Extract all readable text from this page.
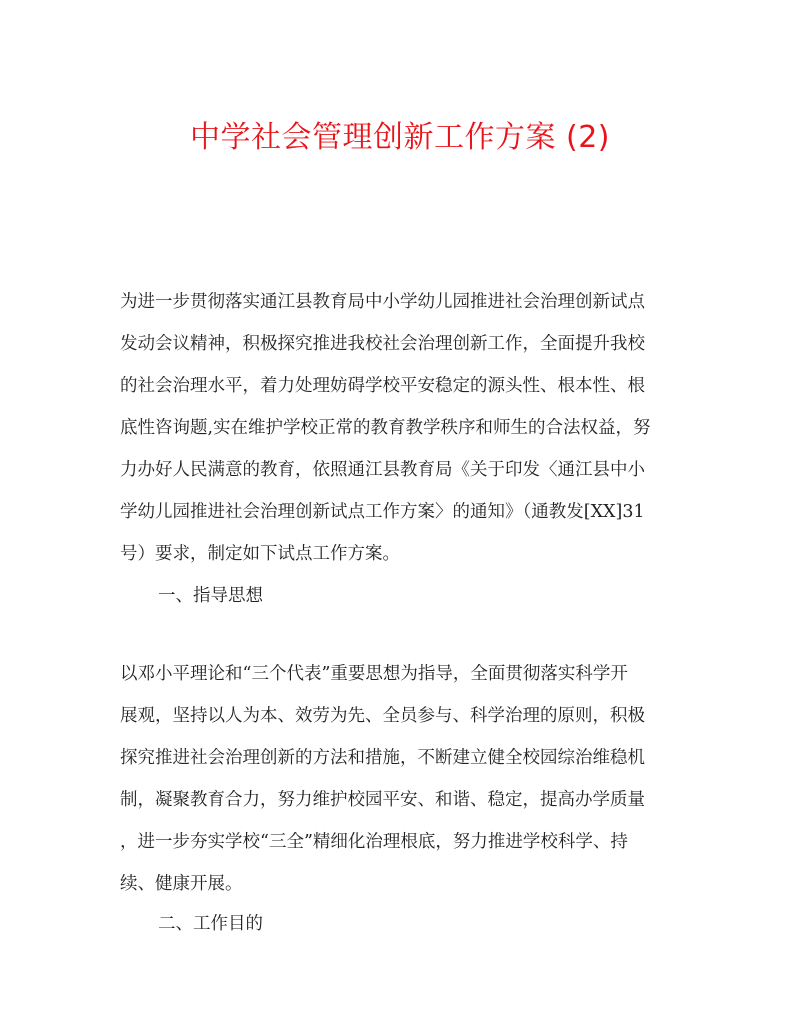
中学社会管理创新工作方案 (2)
为进一步贯彻落实通江县教育局中小学幼儿园推进社会治理创新试点
发动会议精神，积极探究推进我校社会治理创新工作，全面提升我校
的社会治理水平，着力处理妨碍学校平安稳定的源头性、根本性、根
底性咨询题,实在维护学校正常的教育教学秩序和师生的合法权益，努
力办好人民满意的教育，依照通江县教育局《关于印发〈通江县中小
学幼儿园推进社会治理创新试点工作方案〉的通知》（通教发[XX]31
号）要求，制定如下试点工作方案。
一、指导思想
以邓小平理论和“三个代表”重要思想为指导，全面贯彻落实科学开
展观，坚持以人为本、效劳为先、全员参与、科学治理的原则，积极
探究推进社会治理创新的方法和措施，不断建立健全校园综治维稳机
制，凝聚教育合力，努力维护校园平安、和谐、稳定，提高办学质量
，进一步夯实学校“三全”精细化治理根底，努力推进学校科学、持
续、健康开展。
二、工作目的
